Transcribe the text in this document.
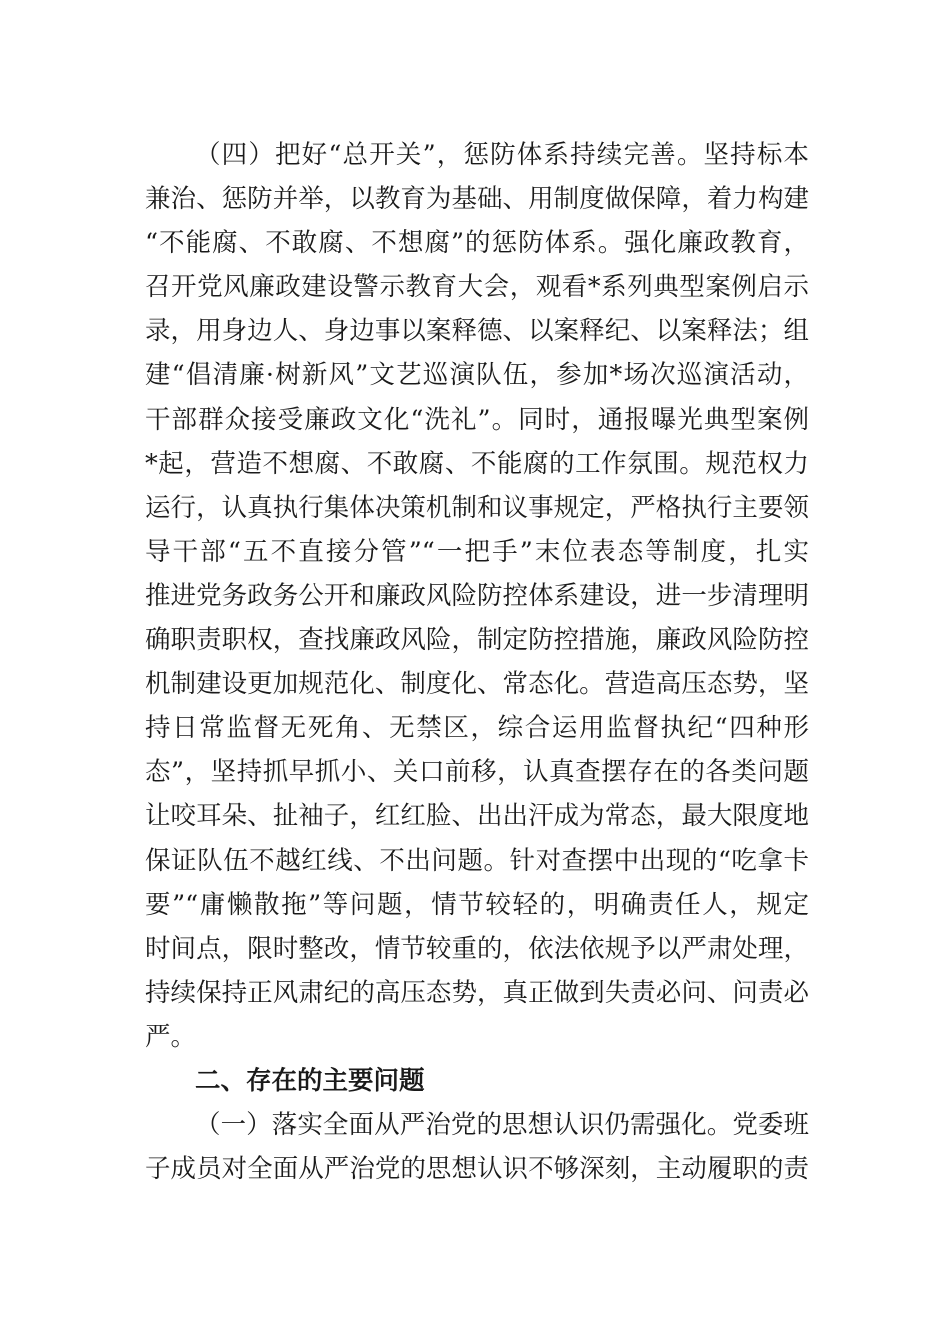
（四）把好“总开关”，惩防体系持续完善。坚持标本
兼治、惩防并举，以教育为基础、用制度做保障，着力构建
“不能腐、不敢腐、不想腐”的惩防体系。强化廉政教育，
召开党风廉政建设警示教育大会，观看*系列典型案例启示
录，用身边人、身边事以案释德、以案释纪、以案释法；组
建“倡清廉·树新风”文艺巡演队伍，参加*场次巡演活动，
干部群众接受廉政文化“洗礼”。同时，通报曝光典型案例
*起，营造不想腐、不敢腐、不能腐的工作氛围。规范权力
运行，认真执行集体决策机制和议事规定，严格执行主要领
导干部“五不直接分管”“一把手”末位表态等制度，扎实
推进党务政务公开和廉政风险防控体系建设，进一步清理明
确职责职权，查找廉政风险，制定防控措施，廉政风险防控
机制建设更加规范化、制度化、常态化。营造高压态势，坚
持日常监督无死角、无禁区，综合运用监督执纪“四种形
态”，坚持抓早抓小、关口前移，认真查摆存在的各类问题
让咬耳朵、扯袖子，红红脸、出出汗成为常态，最大限度地
保证队伍不越红线、不出问题。针对查摆中出现的“吃拿卡
要”“庸懒散拖”等问题，情节较轻的，明确责任人，规定
时间点，限时整改，情节较重的，依法依规予以严肃处理，
持续保持正风肃纪的高压态势，真正做到失责必问、问责必
严。
二、存在的主要问题
（一）落实全面从严治党的思想认识仍需强化。党委班
子成员对全面从严治党的思想认识不够深刻，主动履职的责
